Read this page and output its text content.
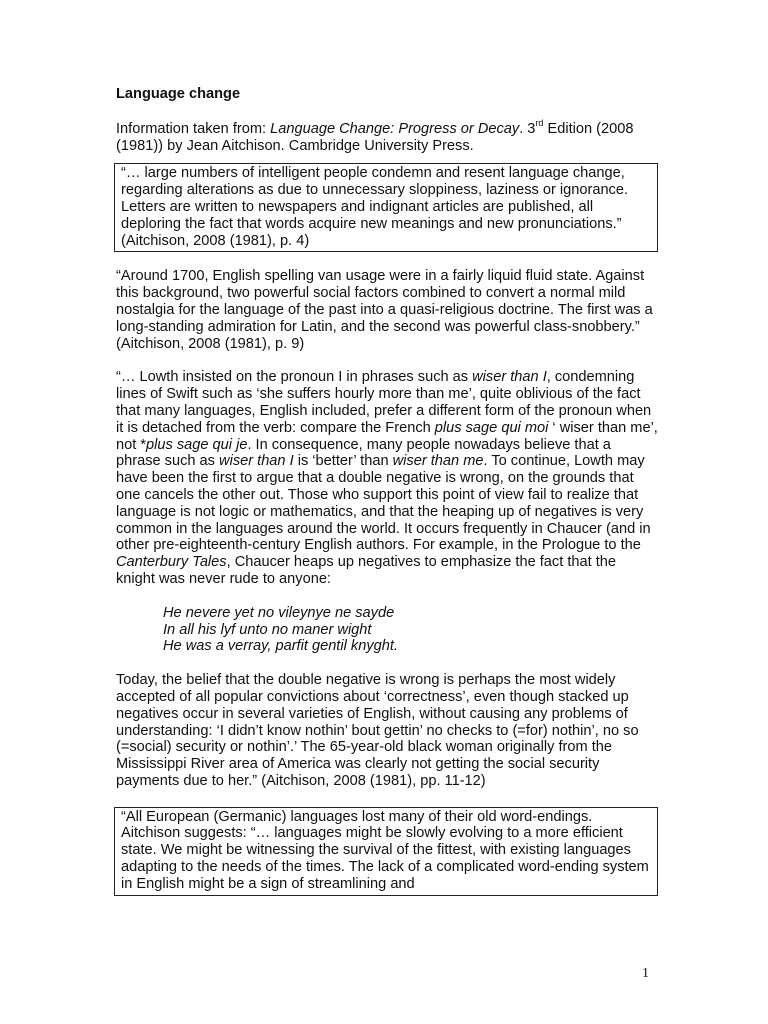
Language change

Information taken from: Language Change: Progress or Decay. 3rd Edition (2008 (1981)) by Jean Aitchison. Cambridge University Press.

“… large numbers of intelligent people condemn and resent language change, regarding alterations as due to unnecessary sloppiness, laziness or ignorance. Letters are written to newspapers and indignant articles are published, all deploring the fact that words acquire new meanings and new pronunciations.” (Aitchison, 2008 (1981), p. 4)

“Around 1700, English spelling van usage were in a fairly liquid fluid state. Against this background, two powerful social factors combined to convert a normal mild nostalgia for the language of the past into a quasi-religious doctrine. The first was a long-standing admiration for Latin, and the second was powerful class-snobbery.” (Aitchison, 2008 (1981), p. 9)

“… Lowth insisted on the pronoun I in phrases such as wiser than I, condemning lines of Swift such as ‘she suffers hourly more than me’, quite oblivious of the fact that many languages, English included, prefer a different form of the pronoun when it is detached from the verb: compare the French plus sage qui moi ‘ wiser than me’, not *plus sage qui je. In consequence, many people nowadays believe that a phrase such as wiser than I is ‘better’ than wiser than me. To continue, Lowth may have been the first to argue that a double negative is wrong, on the grounds that one cancels the other out. Those who support this point of view fail to realize that language is not logic or mathematics, and that the heaping up of negatives is very common in the languages around the world. It occurs frequently in Chaucer (and in other pre-eighteenth-century English authors. For example, in the Prologue to the Canterbury Tales, Chaucer heaps up negatives to emphasize the fact that the knight was never rude to anyone:

He nevere yet no vileynye ne sayde
In all his lyf unto no maner wight
He was a verray, parfit gentil knyght.

Today, the belief that the double negative is wrong is perhaps the most widely accepted of all popular convictions about ‘correctness’, even though stacked up negatives occur in several varieties of English, without causing any problems of understanding: ‘I didn’t know nothin’ bout gettin’ no checks to (=for) nothin’, no so (=social) security or nothin’.’ The 65-year-old black woman originally from the Mississippi River area of America was clearly not getting the social security payments due to her.” (Aitchison, 2008 (1981), pp. 11-12)

“All European (Germanic) languages lost many of their old word-endings. Aitchison suggests: “… languages might be slowly evolving to a more efficient state. We might be witnessing the survival of the fittest, with existing languages adapting to the needs of the times. The lack of a complicated word-ending system in English might be a sign of streamlining and

1
